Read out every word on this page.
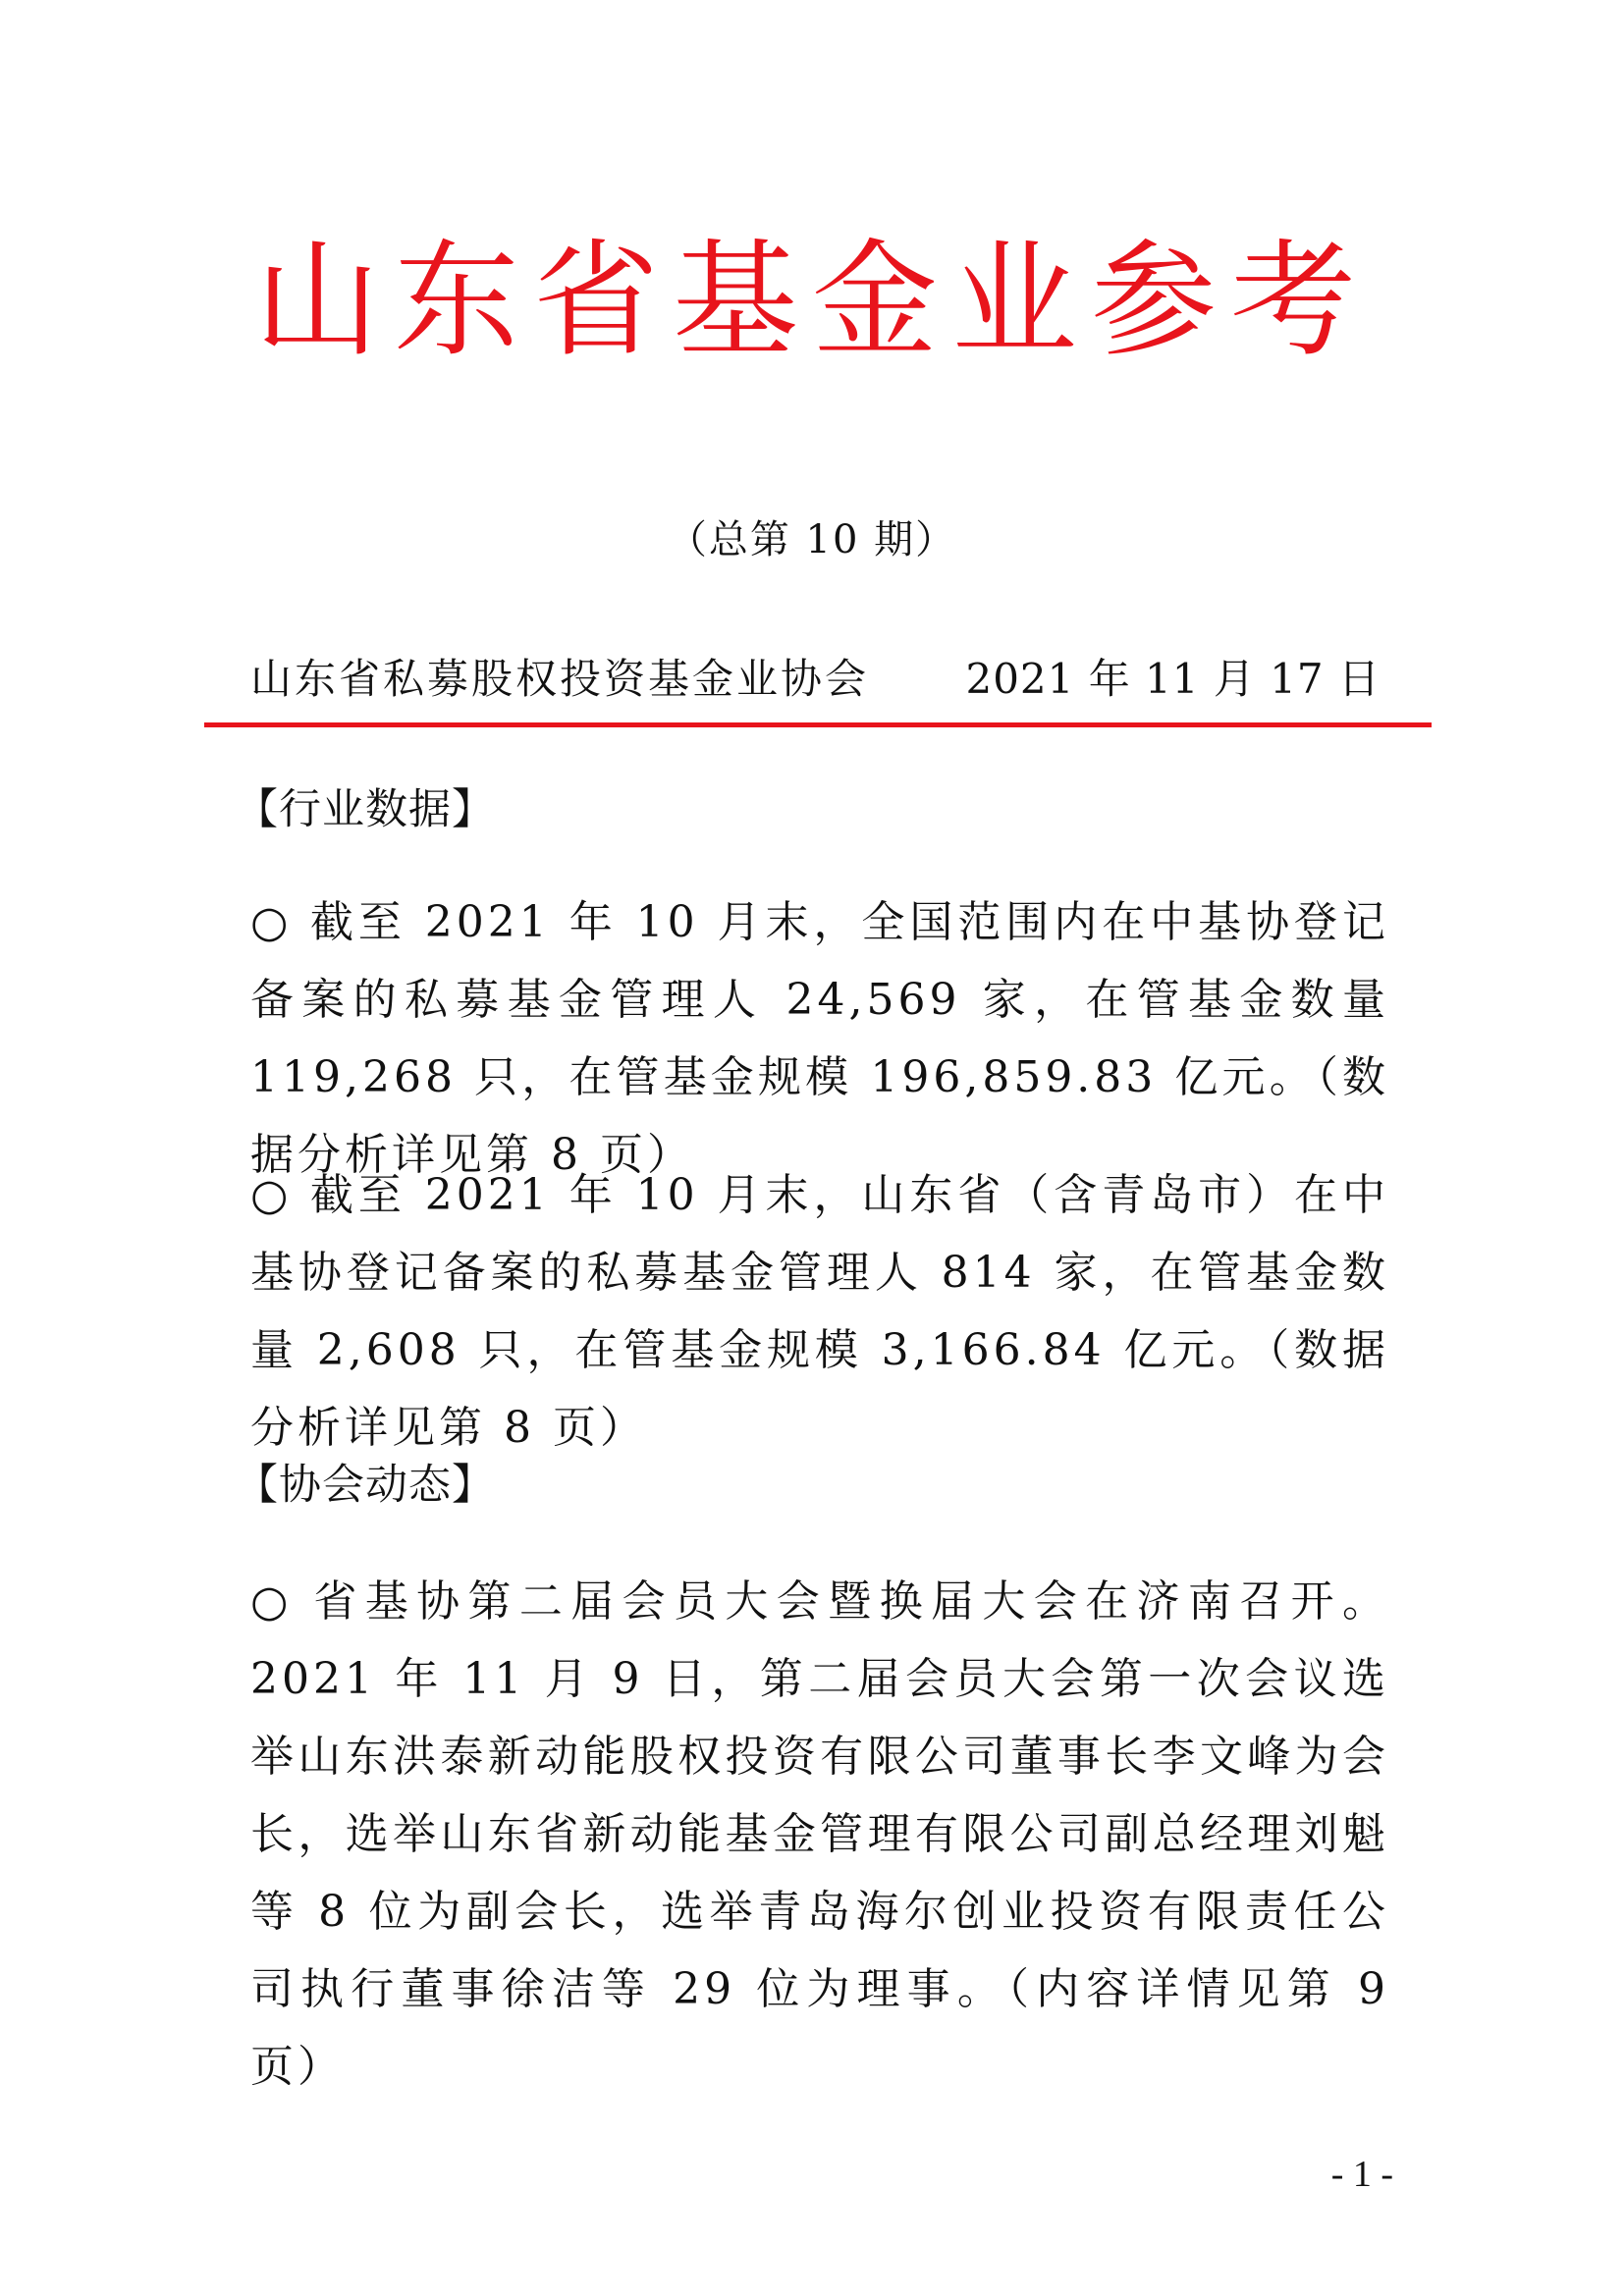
山东省基金业参考
（总第 10 期）
山东省私募股权投资基金业协会 2021 年 11 月 17 日
【行业数据】
○ 截至 2021 年 10 月末，全国范围内在中基协登记备案的私募基金管理人 24,569 家，在管基金数量 119,268 只，在管基金规模 196,859.83 亿元。（数据分析详见第 8 页）
○ 截至 2021 年 10 月末，山东省（含青岛市）在中基协登记备案的私募基金管理人 814 家，在管基金数量 2,608 只，在管基金规模 3,166.84 亿元。（数据分析详见第 8 页）
【协会动态】
○ 省基协第二届会员大会暨换届大会在济南召开。2021 年 11 月 9 日，第二届会员大会第一次会议选举山东洪泰新动能股权投资有限公司董事长李文峰为会长，选举山东省新动能基金管理有限公司副总经理刘魁等 8 位为副会长，选举青岛海尔创业投资有限责任公司执行董事徐洁等 29 位为理事。（内容详情见第 9 页）
- 1 -
